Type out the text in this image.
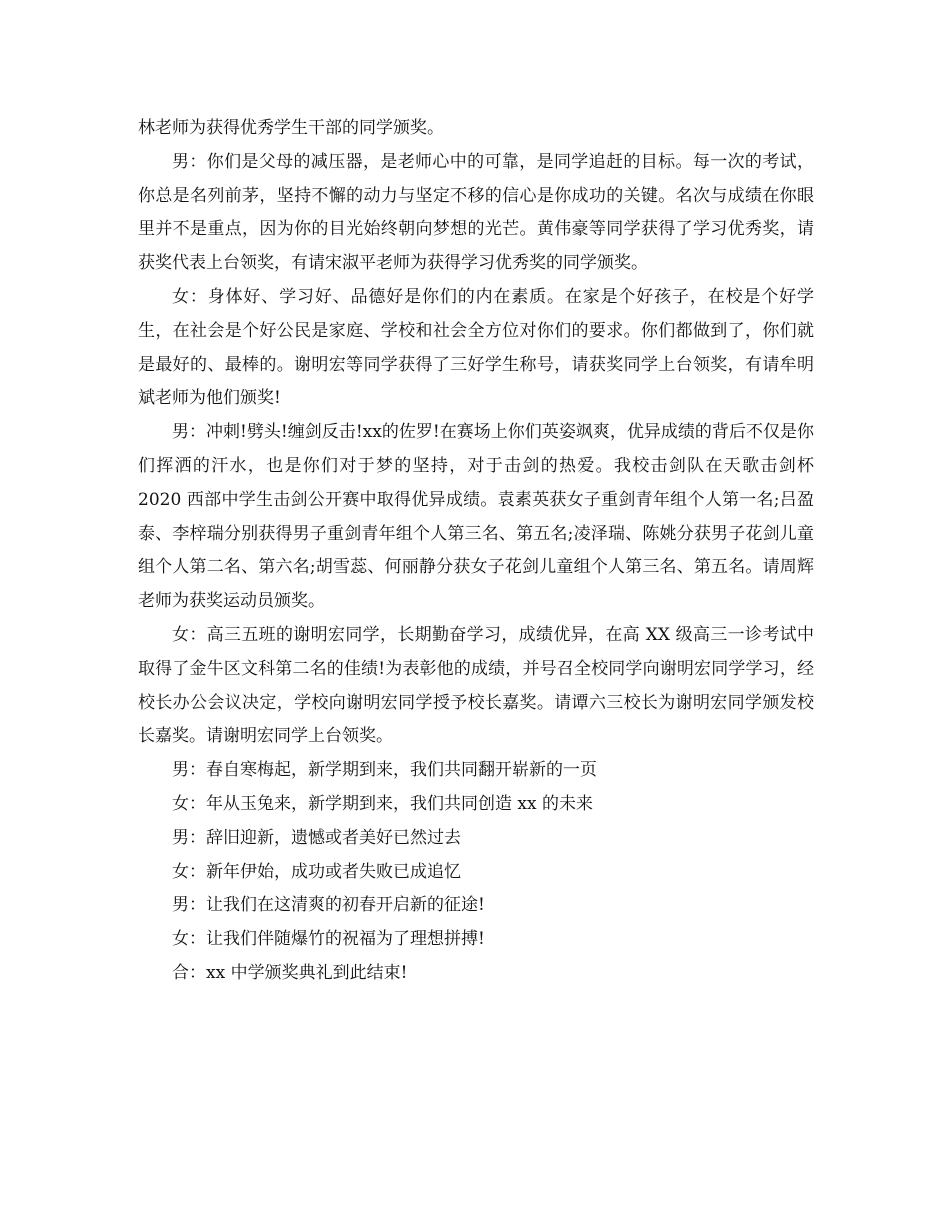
林老师为获得优秀学生干部的同学颁奖。

男：你们是父母的减压器，是老师心中的可靠，是同学追赶的目标。每一次的考试，你总是名列前茅，坚持不懈的动力与坚定不移的信心是你成功的关键。名次与成绩在你眼里并不是重点，因为你的目光始终朝向梦想的光芒。黄伟豪等同学获得了学习优秀奖，请获奖代表上台领奖，有请宋淑平老师为获得学习优秀奖的同学颁奖。

女：身体好、学习好、品德好是你们的内在素质。在家是个好孩子，在校是个好学生，在社会是个好公民是家庭、学校和社会全方位对你们的要求。你们都做到了，你们就是最好的、最棒的。谢明宏等同学获得了三好学生称号，请获奖同学上台领奖，有请牟明斌老师为他们颁奖!

男：冲刺!劈头!缠剑反击!xx的佐罗!在赛场上你们英姿飒爽，优异成绩的背后不仅是你们挥洒的汗水，也是你们对于梦的坚持，对于击剑的热爱。我校击剑队在天歌击剑杯 2020 西部中学生击剑公开赛中取得优异成绩。袁素英获女子重剑青年组个人第一名;吕盈泰、李梓瑞分别获得男子重剑青年组个人第三名、第五名;凌泽瑞、陈姚分获男子花剑儿童组个人第二名、第六名;胡雪蕊、何丽静分获女子花剑儿童组个人第三名、第五名。请周辉老师为获奖运动员颁奖。

女：高三五班的谢明宏同学，长期勤奋学习，成绩优异，在高 XX 级高三一诊考试中取得了金牛区文科第二名的佳绩!为表彰他的成绩，并号召全校同学向谢明宏同学学习，经校长办公会议决定，学校向谢明宏同学授予校长嘉奖。请谭六三校长为谢明宏同学颁发校长嘉奖。请谢明宏同学上台领奖。

男：春自寒梅起，新学期到来，我们共同翻开崭新的一页

女：年从玉兔来，新学期到来，我们共同创造 xx 的未来

男：辞旧迎新，遗憾或者美好已然过去

女：新年伊始，成功或者失败已成追忆

男：让我们在这清爽的初春开启新的征途!

女：让我们伴随爆竹的祝福为了理想拼搏!

合：xx 中学颁奖典礼到此结束!
